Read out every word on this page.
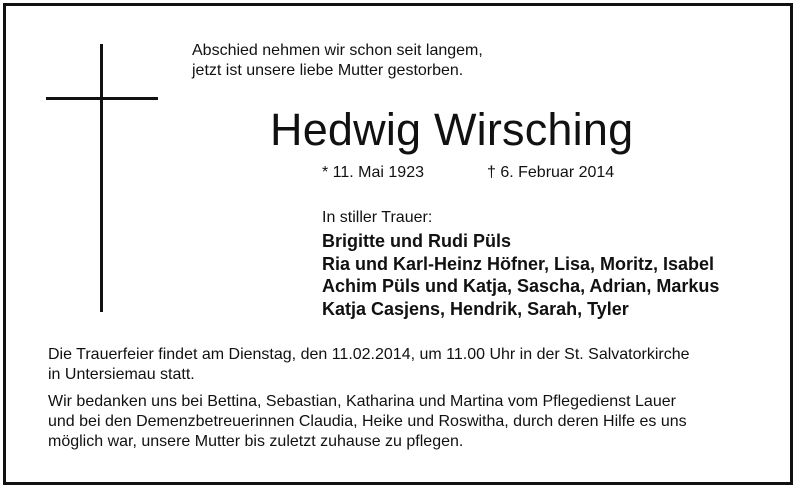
Abschied nehmen wir schon seit langem,
jetzt ist unsere liebe Mutter gestorben.
Hedwig Wirsching
* 11. Mai 1923	† 6. Februar 2014
In stiller Trauer:
Brigitte und Rudi Püls
Ria und Karl-Heinz Höfner, Lisa, Moritz, Isabel
Achim Püls und Katja, Sascha, Adrian, Markus
Katja Casjens, Hendrik, Sarah, Tyler
Die Trauerfeier findet am Dienstag, den 11.02.2014, um 11.00 Uhr in der St. Salvatorkirche
in Untersiemau statt.
Wir bedanken uns bei Bettina, Sebastian, Katharina und Martina vom Pflegedienst Lauer
und bei den Demenzbetreuerinnen Claudia, Heike und Roswitha, durch deren Hilfe es uns
möglich war, unsere Mutter bis zuletzt zuhause zu pflegen.
